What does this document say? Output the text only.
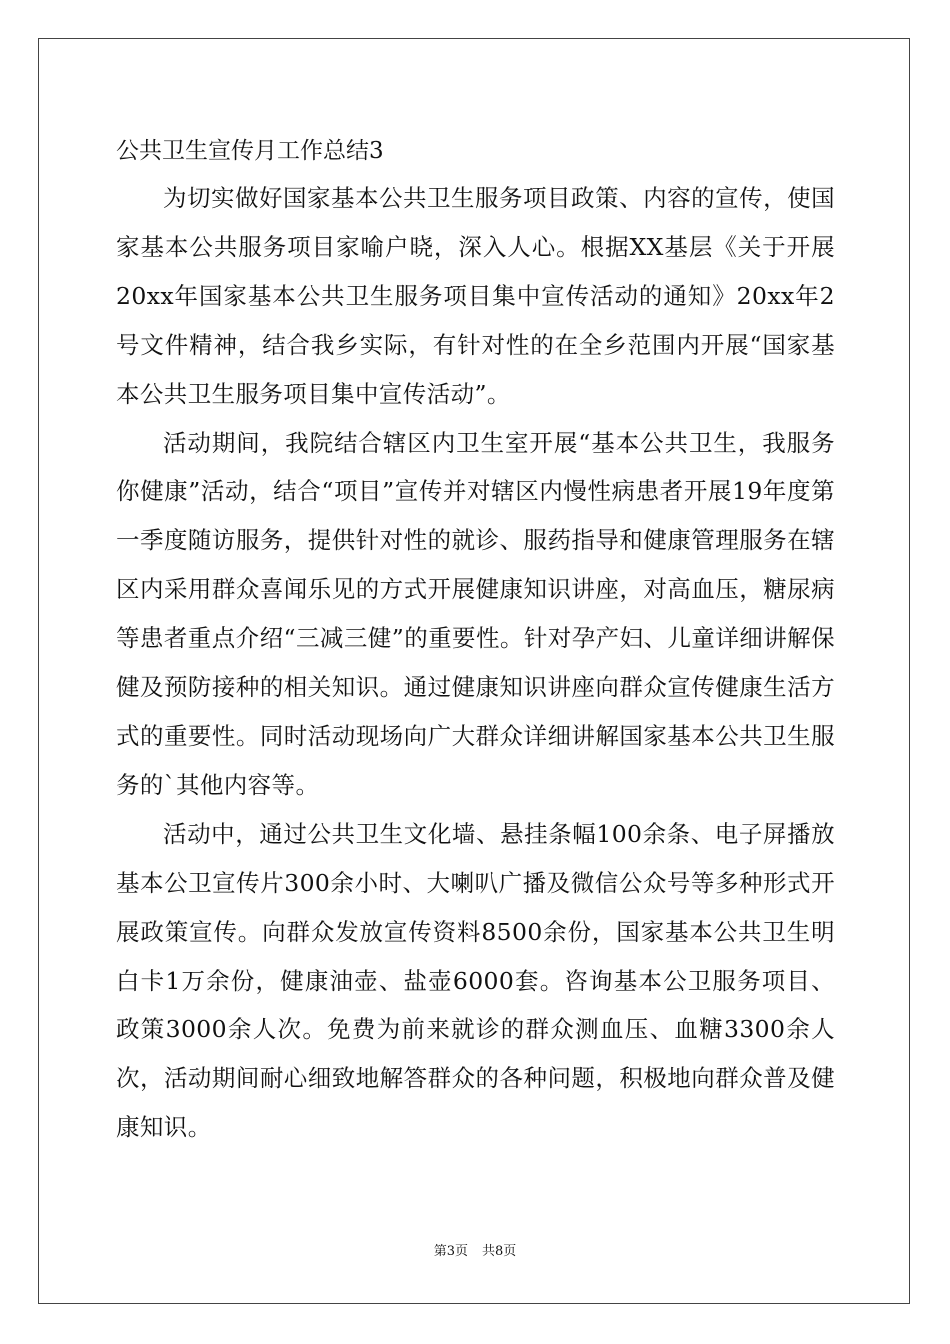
公共卫生宣传月工作总结3

为切实做好国家基本公共卫生服务项目政策、内容的宣传，使国家基本公共服务项目家喻户晓，深入人心。根据XX基层《关于开展20xx年国家基本公共卫生服务项目集中宣传活动的通知》20xx年2号文件精神，结合我乡实际，有针对性的在全乡范围内开展“国家基本公共卫生服务项目集中宣传活动”。

活动期间，我院结合辖区内卫生室开展“基本公共卫生，我服务你健康”活动，结合“项目”宣传并对辖区内慢性病患者开展19年度第一季度随访服务，提供针对性的就诊、服药指导和健康管理服务在辖区内采用群众喜闻乐见的方式开展健康知识讲座，对高血压，糖尿病等患者重点介绍“三减三健”的重要性。针对孕产妇、儿童详细讲解保健及预防接种的相关知识。通过健康知识讲座向群众宣传健康生活方式的重要性。同时活动现场向广大群众详细讲解国家基本公共卫生服务的`其他内容等。

活动中，通过公共卫生文化墙、悬挂条幅100余条、电子屏播放基本公卫宣传片300余小时、大喇叭广播及微信公众号等多种形式开展政策宣传。向群众发放宣传资料8500余份，国家基本公共卫生明白卡1万余份，健康油壶、盐壶6000套。咨询基本公卫服务项目、政策3000余人次。免费为前来就诊的群众测血压、血糖3300余人次，活动期间耐心细致地解答群众的各种问题，积极地向群众普及健康知识。

第3页 共8页
